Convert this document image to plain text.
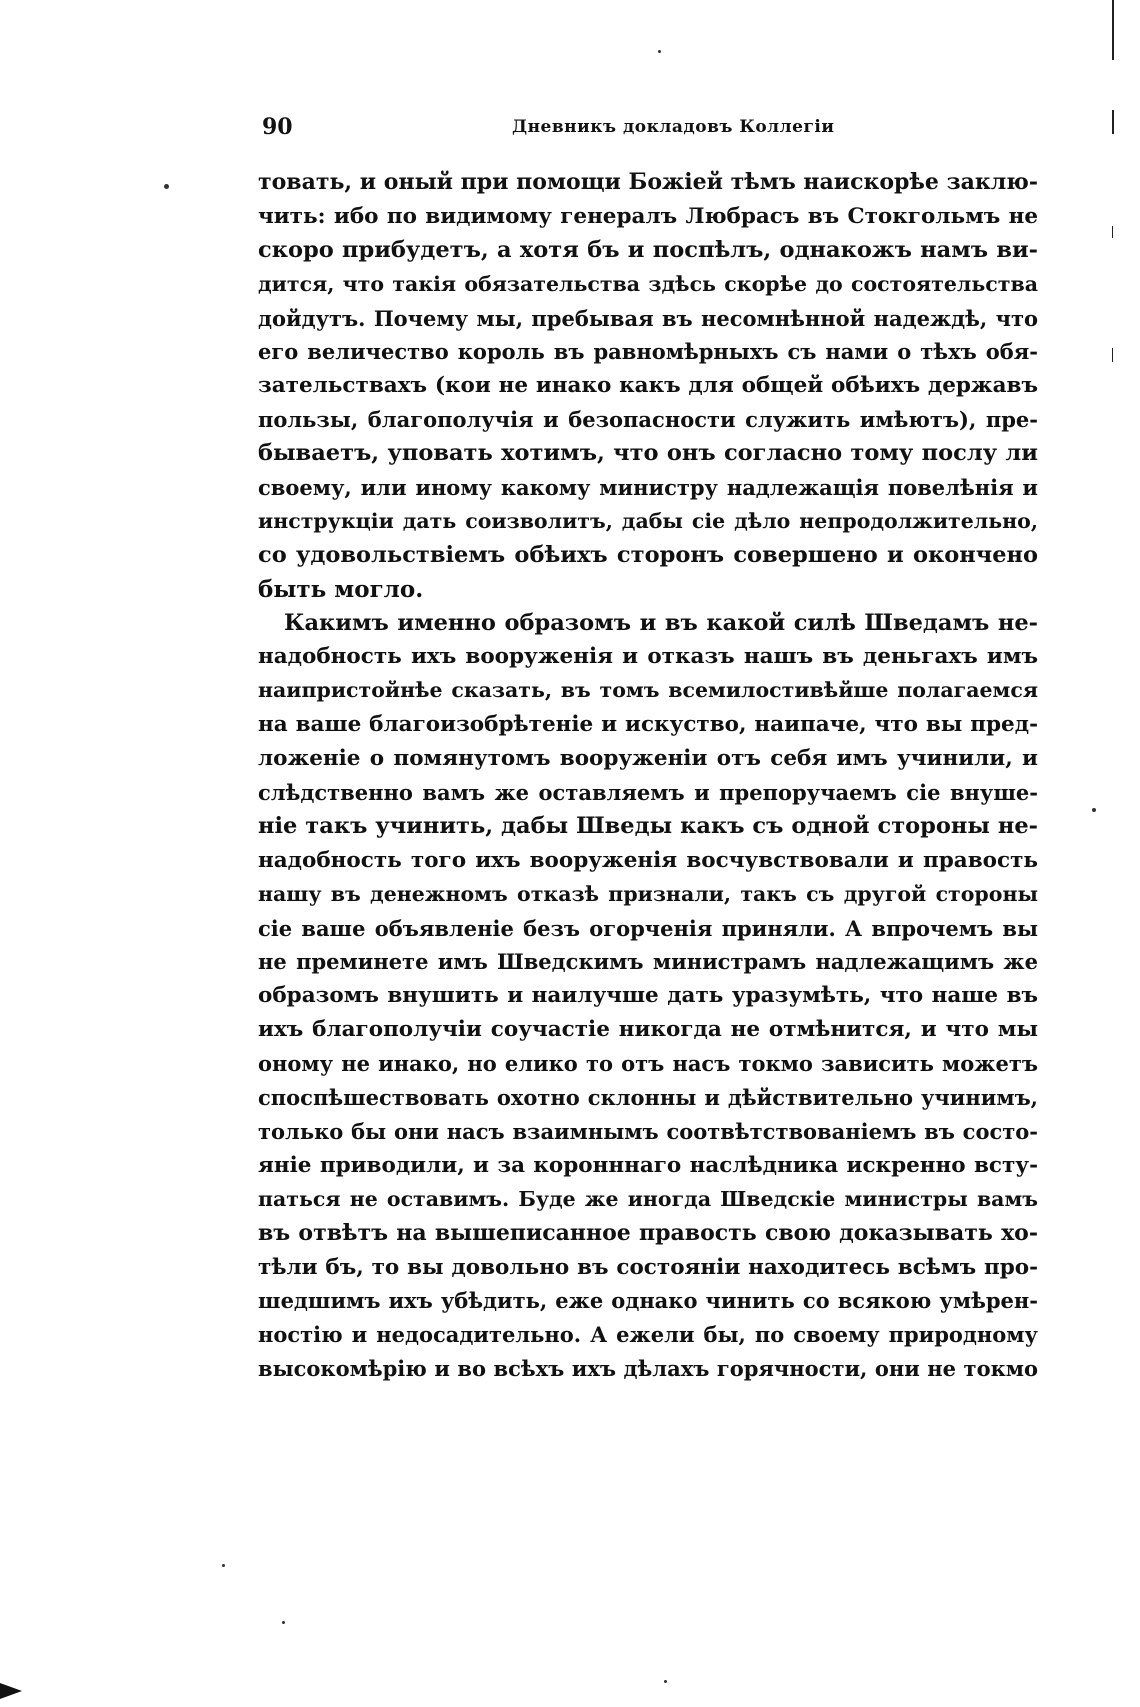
90	Дневникъ докладовъ Коллегіи
товать, и оный при помощи Божіей тѣмъ наискорѣе заклю-
чить: ибо по видимому генералъ Любрасъ въ Стокгольмъ не
скоро прибудетъ, а хотя бъ и поспѣлъ, однакожъ намъ ви-
дится, что такія обязательства здѣсь скорѣе до состоятельства
дойдутъ. Почему мы, пребывая въ несомнѣнной надеждѣ, что
его величество король въ равномѣрныхъ съ нами о тѣхъ обя-
зательствахъ (кои не инако какъ для общей обѣихъ державъ
пользы, благополучія и безопасности служить имѣютъ), пре-
бываетъ, уповать хотимъ, что онъ согласно тому послу ли
своему, или иному какому министру надлежащія повелѣнія и
инструкціи дать соизволитъ, дабы сіе дѣло непродолжительно,
со удовольствіемъ обѣихъ сторонъ совершено и окончено
быть могло.
Какимъ именно образомъ и въ какой силѣ Шведамъ не-
надобность ихъ вооруженія и отказъ нашъ въ деньгахъ имъ
наипристойнѣе сказать, въ томъ всемилостивѣйше полагаемся
на ваше благоизобрѣтеніе и искуство, наипаче, что вы пред-
ложеніе о помянутомъ вооруженіи отъ себя имъ учинили, и
слѣдственно вамъ же оставляемъ и препоручаемъ сіе внуше-
ніе такъ учинить, дабы Шведы какъ съ одной стороны не-
надобность того ихъ вооруженія восчувствовали и правость
нашу въ денежномъ отказѣ признали, такъ съ другой стороны
сіе ваше объявленіе безъ огорченія приняли. А впрочемъ вы
не преминете имъ Шведскимъ министрамъ надлежащимъ же
образомъ внушить и наилучше дать уразумѣть, что наше въ
ихъ благополучіи соучастіе никогда не отмѣнится, и что мы
оному не инако, но елико то отъ насъ токмо зависить можетъ
споспѣшествовать охотно склонны и дѣйствительно учинимъ,
только бы они насъ взаимнымъ соотвѣтствованіемъ въ состо-
яніе приводили, и за коронннаго наслѣдника искренно всту-
паться не оставимъ. Буде же иногда Шведскіе министры вамъ
въ отвѣтъ на вышеписанное правость свою доказывать хо-
тѣли бъ, то вы довольно въ состояніи находитесь всѣмъ про-
шедшимъ ихъ убѣдить, еже однако чинить со всякою умѣрен-
ностію и недосадительно. А ежели бы, по своему природному
высокомѣрію и во всѣхъ ихъ дѣлахъ горячности, они не токмо
